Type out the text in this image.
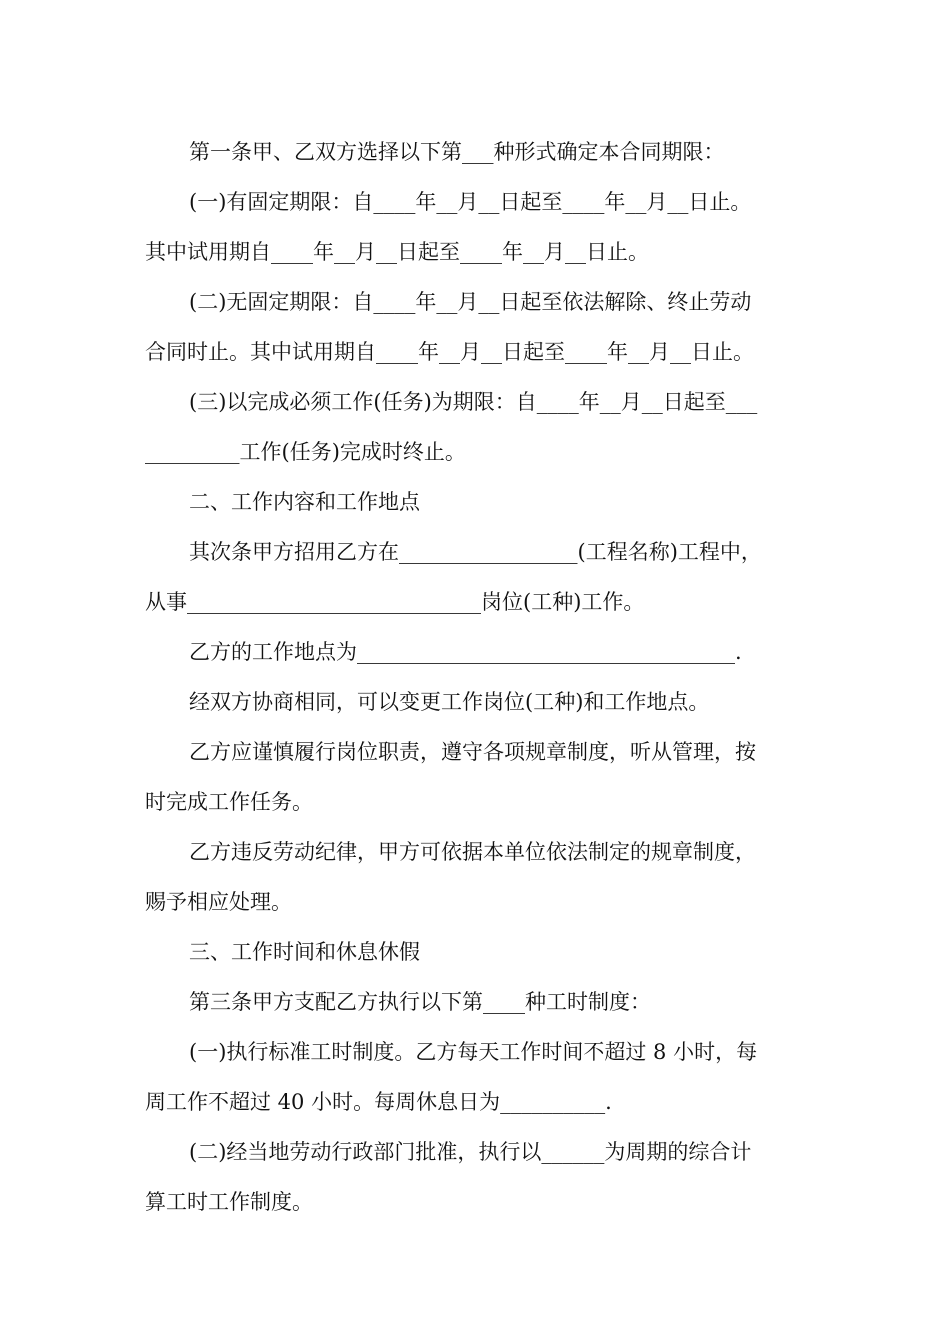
第一条甲、乙双方选择以下第___种形式确定本合同期限：

(一)有固定期限：自____年__月__日起至____年__月__日止。

其中试用期自____年__月__日起至____年__月__日止。

(二)无固定期限：自____年__月__日起至依法解除、终止劳动

合同时止。其中试用期自____年__月__日起至____年__月__日止。

(三)以完成必须工作(任务)为期限：自____年__月__日起至___

_________工作(任务)完成时终止。

二、工作内容和工作地点

其次条甲方招用乙方在_________________(工程名称)工程中，

从事____________________________岗位(工种)工作。

乙方的工作地点为____________________________________.

经双方协商相同，可以变更工作岗位(工种)和工作地点。

乙方应谨慎履行岗位职责，遵守各项规章制度，听从管理，按

时完成工作任务。

乙方违反劳动纪律，甲方可依据本单位依法制定的规章制度，

赐予相应处理。

三、工作时间和休息休假

第三条甲方支配乙方执行以下第____种工时制度：

(一)执行标准工时制度。乙方每天工作时间不超过 8 小时，每

周工作不超过 40 小时。每周休息日为__________.

(二)经当地劳动行政部门批准，执行以______为周期的综合计

算工时工作制度。
